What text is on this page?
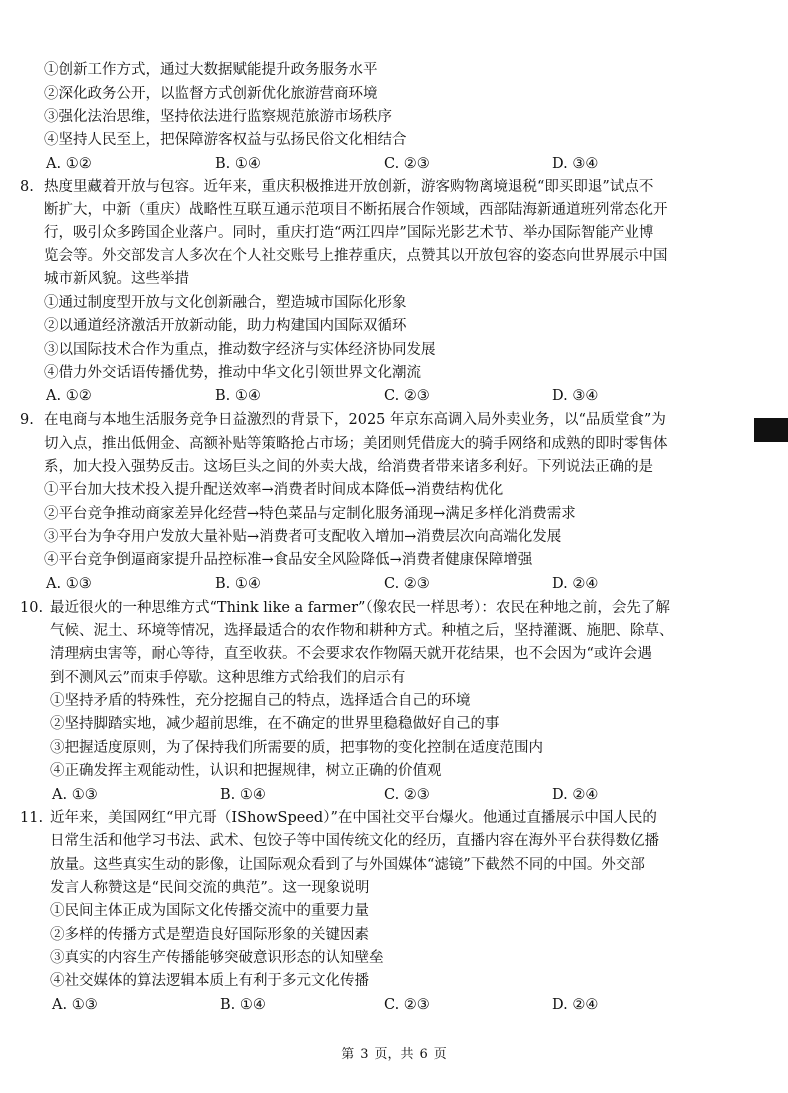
①创新工作方式，通过大数据赋能提升政务服务水平
②深化政务公开，以监督方式创新优化旅游营商环境
③强化法治思维，坚持依法进行监察规范旅游市场秩序
④坚持人民至上，把保障游客权益与弘扬民俗文化相结合
A. ①②	B. ①④	C. ②③	D. ③④
8. 热度里藏着开放与包容。近年来，重庆积极推进开放创新，游客购物离境退税“即买即退”试点不
断扩大，中新（重庆）战略性互联互通示范项目不断拓展合作领域，西部陆海新通道班列常态化开
行，吸引众多跨国企业落户。同时，重庆打造“两江四岸”国际光影艺术节、举办国际智能产业博
览会等。外交部发言人多次在个人社交账号上推荐重庆，点赞其以开放包容的姿态向世界展示中国
城市新风貌。这些举措
①通过制度型开放与文化创新融合，塑造城市国际化形象
②以通道经济激活开放新动能，助力构建国内国际双循环
③以国际技术合作为重点，推动数字经济与实体经济协同发展
④借力外交话语传播优势，推动中华文化引领世界文化潮流
A. ①②	B. ①④	C. ②③	D. ③④
9. 在电商与本地生活服务竞争日益激烈的背景下，2025 年京东高调入局外卖业务，以“品质堂食”为
切入点，推出低佣金、高额补贴等策略抢占市场；美团则凭借庞大的骑手网络和成熟的即时零售体
系，加大投入强势反击。这场巨头之间的外卖大战，给消费者带来诸多利好。下列说法正确的是
①平台加大技术投入提升配送效率→消费者时间成本降低→消费结构优化
②平台竞争推动商家差异化经营→特色菜品与定制化服务涌现→满足多样化消费需求
③平台为争夺用户发放大量补贴→消费者可支配收入增加→消费层次向高端化发展
④平台竞争倒逼商家提升品控标准→食品安全风险降低→消费者健康保障增强
A. ①③	B. ①④	C. ②③	D. ②④
10. 最近很火的一种思维方式“Think like a farmer”（像农民一样思考）：农民在种地之前，会先了解
气候、泥土、环境等情况，选择最适合的农作物和耕种方式。种植之后，坚持灌溉、施肥、除草、
清理病虫害等，耐心等待，直至收获。不会要求农作物隔天就开花结果，也不会因为“或许会遇
到不测风云”而束手停歇。这种思维方式给我们的启示有
①坚持矛盾的特殊性，充分挖掘自己的特点，选择适合自己的环境
②坚持脚踏实地，减少超前思维，在不确定的世界里稳稳做好自己的事
③把握适度原则，为了保持我们所需要的质，把事物的变化控制在适度范围内
④正确发挥主观能动性，认识和把握规律，树立正确的价值观
A. ①③	B. ①④	C. ②③	D. ②④
11. 近年来，美国网红“甲亢哥（IShowSpeed）”在中国社交平台爆火。他通过直播展示中国人民的
日常生活和他学习书法、武术、包饺子等中国传统文化的经历，直播内容在海外平台获得数亿播
放量。这些真实生动的影像，让国际观众看到了与外国媒体“滤镜”下截然不同的中国。外交部
发言人称赞这是“民间交流的典范”。这一现象说明
①民间主体正成为国际文化传播交流中的重要力量
②多样的传播方式是塑造良好国际形象的关键因素
③真实的内容生产传播能够突破意识形态的认知壁垒
④社交媒体的算法逻辑本质上有利于多元文化传播
A. ①③	B. ①④	C. ②③	D. ②④
第 3 页，共 6 页
